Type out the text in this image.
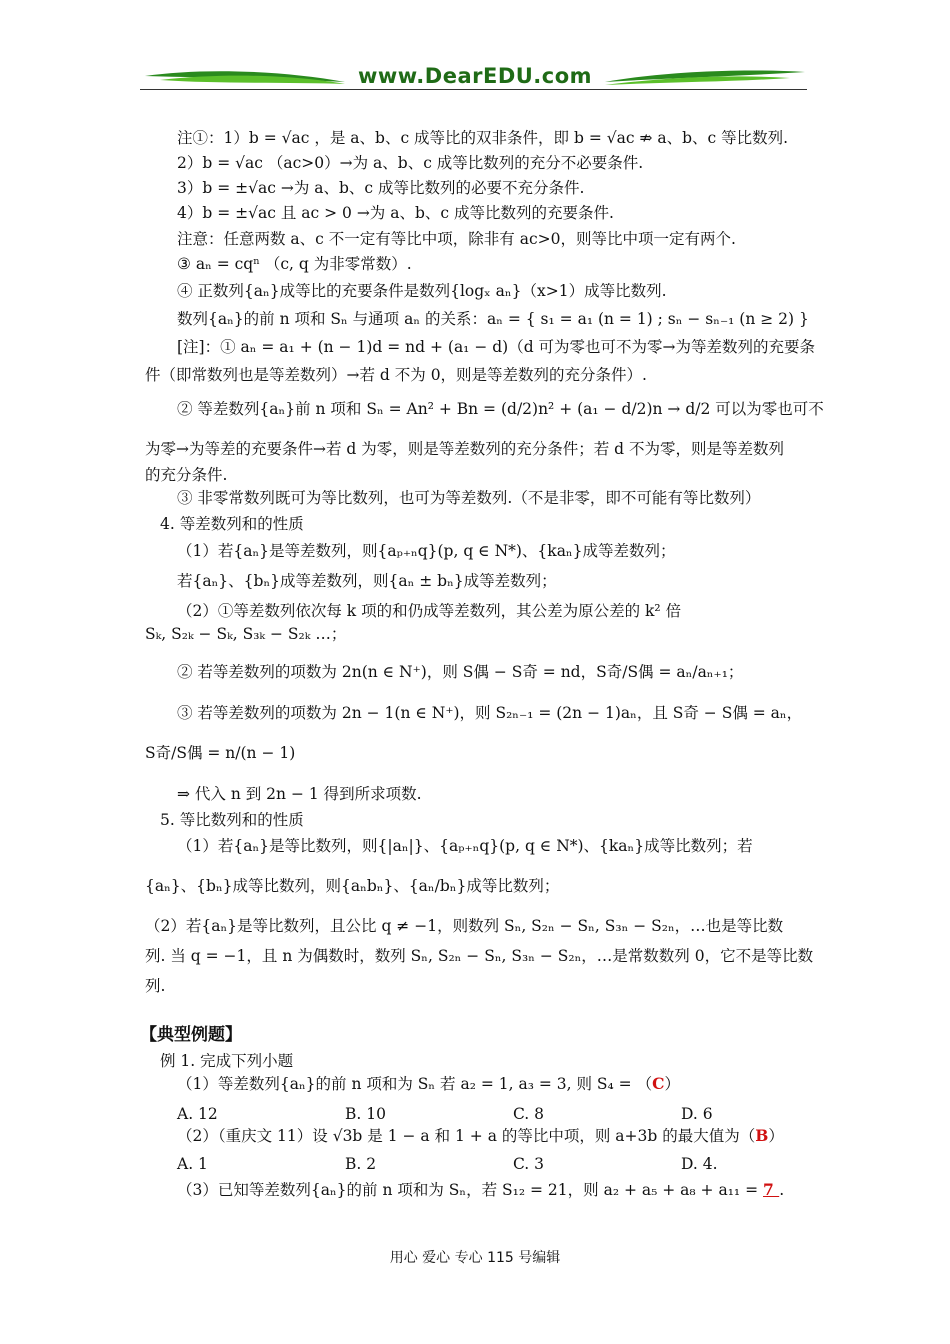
www.DearEDU.com
注①：1）b = √ac ，是 a、b、c 成等比的双非条件，即 b = √ac ⇏ a、b、c 等比数列.
2）b = √ac （ac>0）→为 a、b、c 成等比数列的充分不必要条件.
3）b = ±√ac →为 a、b、c 成等比数列的必要不充分条件.
4）b = ±√ac 且 ac > 0 →为 a、b、c 成等比数列的充要条件.
注意：任意两数 a、c 不一定有等比中项，除非有 ac>0，则等比中项一定有两个.
③ aₙ = cqⁿ （c, q 为非零常数）.
④ 正数列{aₙ}成等比的充要条件是数列{logₓ aₙ}（x>1）成等比数列.
数列{aₙ}的前 n 项和 Sₙ 与通项 aₙ 的关系：aₙ = { s₁ = a₁ (n = 1) ; sₙ − sₙ₋₁ (n ≥ 2) }
[注]：① aₙ = a₁ + (n − 1)d = nd + (a₁ − d)（d 可为零也可不为零→为等差数列的充要条
件（即常数列也是等差数列）→若 d 不为 0，则是等差数列的充分条件）.
② 等差数列{aₙ}前 n 项和 Sₙ = An² + Bn = (d/2)n² + (a₁ − d/2)n → d/2 可以为零也可不
为零→为等差的充要条件→若 d 为零，则是等差数列的充分条件；若 d 不为零，则是等差数列
的充分条件.
③ 非零常数列既可为等比数列，也可为等差数列.（不是非零，即不可能有等比数列）
4. 等差数列和的性质
（1）若{aₙ}是等差数列，则{aₚ₊ₙq}(p, q ∈ N*)、{kaₙ}成等差数列；
若{aₙ}、{bₙ}成等差数列，则{aₙ ± bₙ}成等差数列；
（2）①等差数列依次每 k 项的和仍成等差数列，其公差为原公差的 k² 倍
Sₖ, S₂ₖ − Sₖ, S₃ₖ − S₂ₖ …；
② 若等差数列的项数为 2n(n ∈ N⁺)，则 S偶 − S奇 = nd，S奇/S偶 = aₙ/aₙ₊₁；
③ 若等差数列的项数为 2n − 1(n ∈ N⁺)，则 S₂ₙ₋₁ = (2n − 1)aₙ，且 S奇 − S偶 = aₙ，
S奇/S偶 = n/(n − 1)
⇒ 代入 n 到 2n − 1 得到所求项数.
5. 等比数列和的性质
（1）若{aₙ}是等比数列，则{|aₙ|}、{aₚ₊ₙq}(p, q ∈ N*)、{kaₙ}成等比数列；若
{aₙ}、{bₙ}成等比数列，则{aₙbₙ}、{aₙ/bₙ}成等比数列；
（2）若{aₙ}是等比数列，且公比 q ≠ −1，则数列 Sₙ, S₂ₙ − Sₙ, S₃ₙ − S₂ₙ，…也是等比数
列. 当 q = −1，且 n 为偶数时，数列 Sₙ, S₂ₙ − Sₙ, S₃ₙ − S₂ₙ，…是常数数列 0，它不是等比数
列.
【典型例题】
例 1. 完成下列小题
（1）等差数列{aₙ}的前 n 项和为 Sₙ 若 a₂ = 1, a₃ = 3, 则 S₄ = （C）
A. 12	B. 10	C. 8	D. 6
（2）（重庆文 11）设 √3b 是 1 − a 和 1 + a 的等比中项，则 a+3b 的最大值为（B）
A. 1	B. 2	C. 3	D. 4.
（3）已知等差数列{aₙ}的前 n 项和为 Sₙ，若 S₁₂ = 21，则 a₂ + a₅ + a₈ + a₁₁ = 7 .
用心 爱心 专心 115 号编辑
